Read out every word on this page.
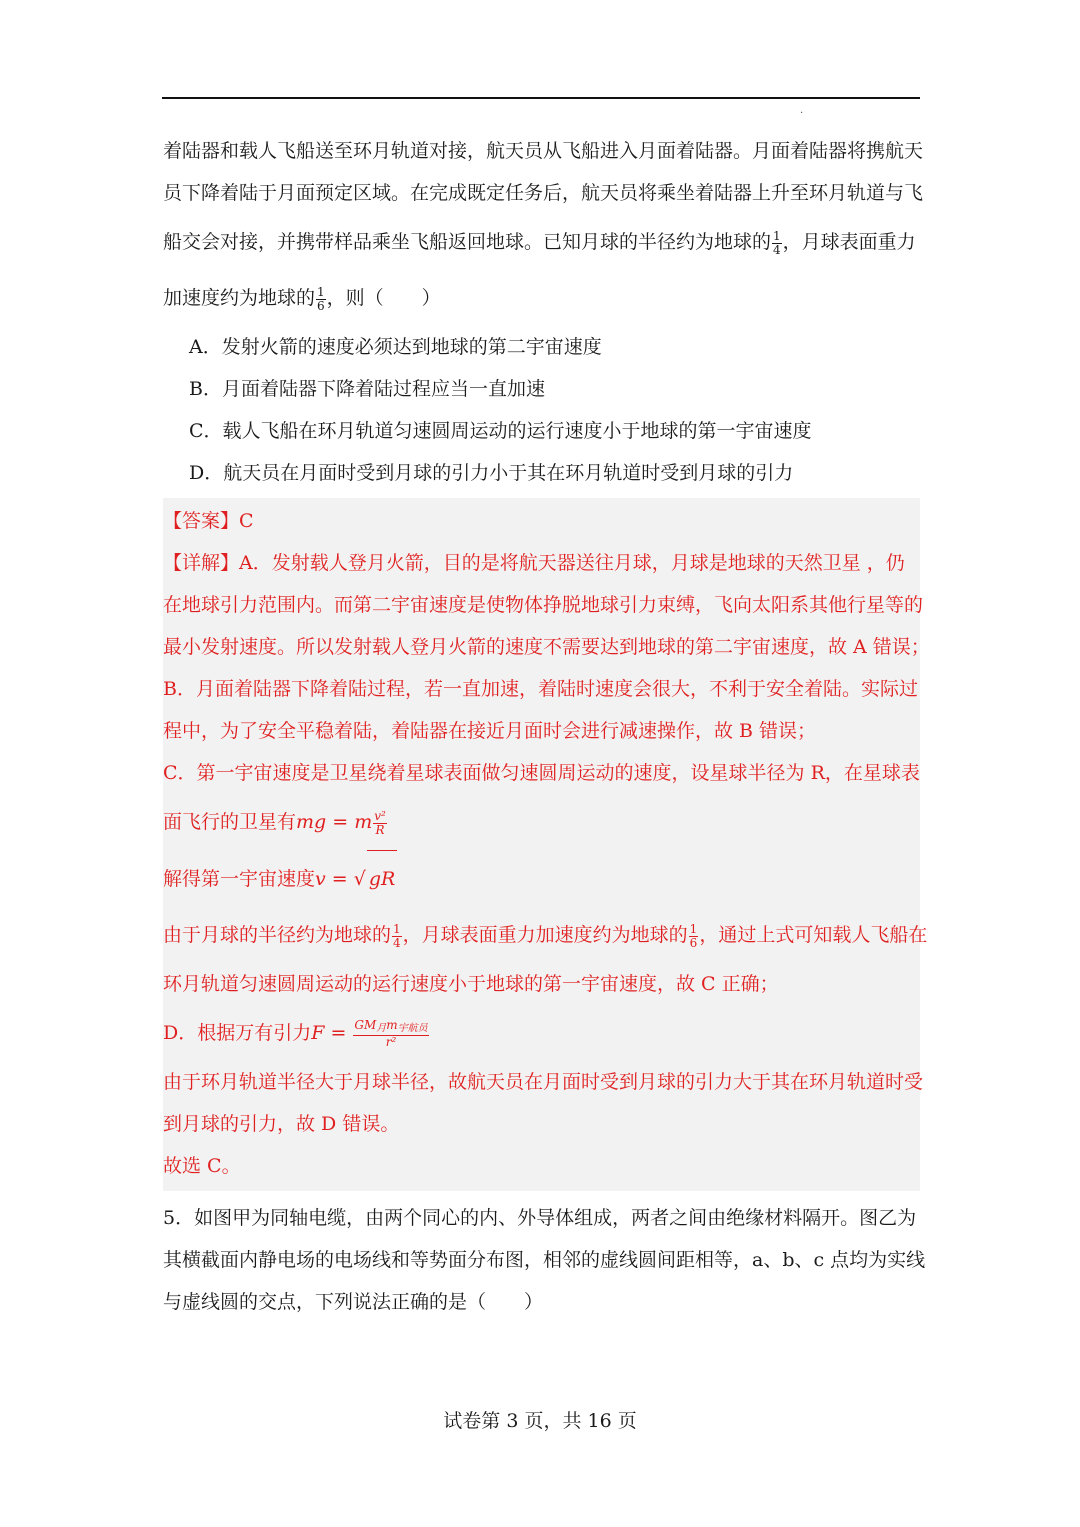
·
着陆器和载人飞船送至环月轨道对接，航天员从飞船进入月面着陆器。月面着陆器将携航天
员下降着陆于月面预定区域。在完成既定任务后，航天员将乘坐着陆器上升至环月轨道与飞
船交会对接，并携带样品乘坐飞船返回地球。已知月球的半径约为地球的 $\frac{1}{4}$ ，月球表面重力
加速度约为地球的 $\frac{1}{6}$ ，则（　　）
A．发射火箭的速度必须达到地球的第二宇宙速度
B．月面着陆器下降着陆过程应当一直加速
C．载人飞船在环月轨道匀速圆周运动的运行速度小于地球的第一宇宙速度
D．航天员在月面时受到月球的引力小于其在环月轨道时受到月球的引力
【答案】C
【详解】A．发射载人登月火箭，目的是将航天器送往月球，月球是地球的天然卫星 ，仍
在地球引力范围内。而第二宇宙速度是使物体挣脱地球引力束缚，飞向太阳系其他行星等的
最小发射速度。所以发射载人登月火箭的速度不需要达到地球的第二宇宙速度，故 A 错误；
B．月面着陆器下降着陆过程，若一直加速，着陆时速度会很大，不利于安全着陆。实际过
程中，为了安全平稳着陆，着陆器在接近月面时会进行减速操作，故 B 错误；
C．第一宇宙速度是卫星绕着星球表面做匀速圆周运动的速度，设星球半径为 R，在星球表
面飞行的卫星有mg = m $\frac{\text{v²}}{R}$
解得第一宇宙速度v = √ gR
由于月球的半径约为地球的 $\frac{1}{4}$ ，月球表面重力加速度约为地球的 $\frac{1}{6}$ ，通过上式可知载人飞船在
环月轨道匀速圆周运动的运行速度小于地球的第一宇宙速度，故 C 正确；
D．根据万有引力$F = \frac{GM_月m_{宇航员}}{\text{r²}}$
由于环月轨道半径大于月球半径，故航天员在月面时受到月球的引力大于其在环月轨道时受
到月球的引力，故 D 错误。
故选 C。
5．如图甲为同轴电缆，由两个同心的内、外导体组成，两者之间由绝缘材料隔开。图乙为
其横截面内静电场的电场线和等势面分布图，相邻的虚线圆间距相等，a、b、c 点均为实线
与虚线圆的交点，下列说法正确的是（　　）
试卷第 3 页，共 16 页
